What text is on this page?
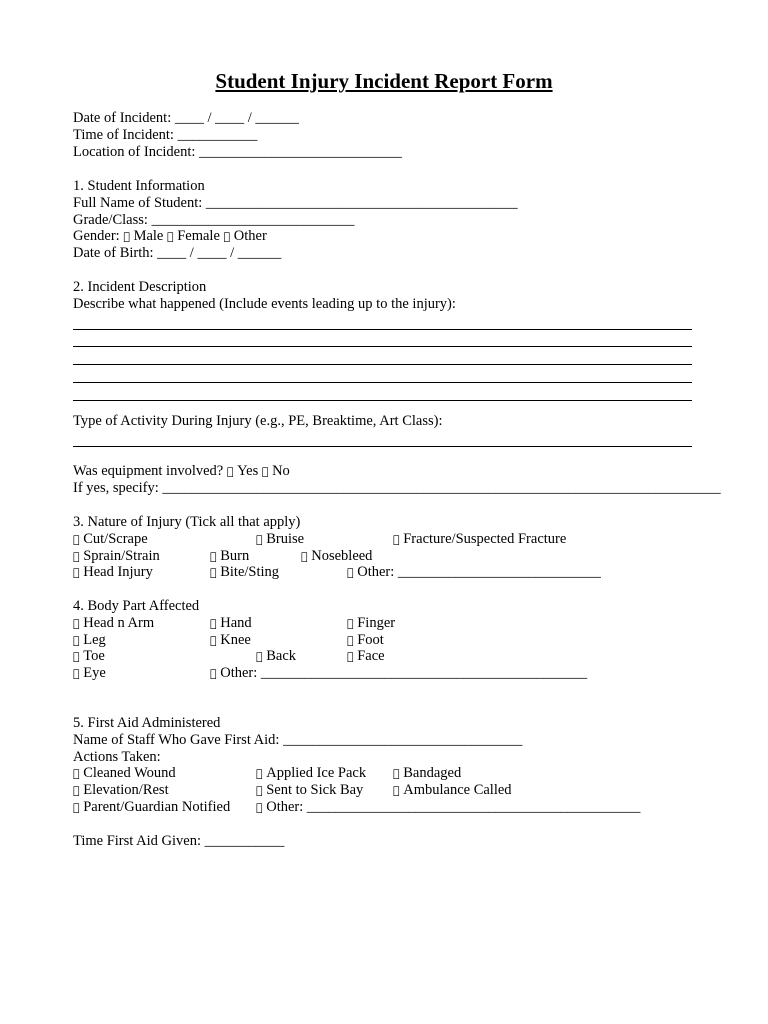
Student Injury Incident Report Form
Date of Incident: ____ / ____ / ______
Time of Incident: ___________
Location of Incident: ____________________________
1. Student Information
Full Name of Student: ___________________________________________
Grade/Class: ____________________________
Gender:   Male   Female   Other
Date of Birth: ____ / ____ / ______
2. Incident Description
Describe what happened (Include events leading up to the injury):
Type of Activity During Injury (e.g., PE, Breaktime, Art Class):
Was equipment involved?   Yes   No
If yes, specify: _____________________________________________________________________________
3. Nature of Injury (Tick all that apply)

Cut/Scrape

	Bruise

	Fracture/Suspected Fracture

Sprain/Strain

	Burn

	Nosebleed

Head Injury

	Bite/Sting

	Other: ____________________________

4. Body Part Affected

Head n Arm

	Hand

	Finger

Leg

	Knee

	Foot

Toe

	Back

	Face

Eye

	Other: _____________________________________________

5. First Aid Administered
Name of Staff Who Gave First Aid: _________________________________
Actions Taken:

Cleaned Wound

	Applied Ice Pack

	Bandaged

Elevation/Rest

	Sent to Sick Bay

	Ambulance Called

Parent/Guardian Notified

	Other: ______________________________________________

Time First Aid Given: ___________
